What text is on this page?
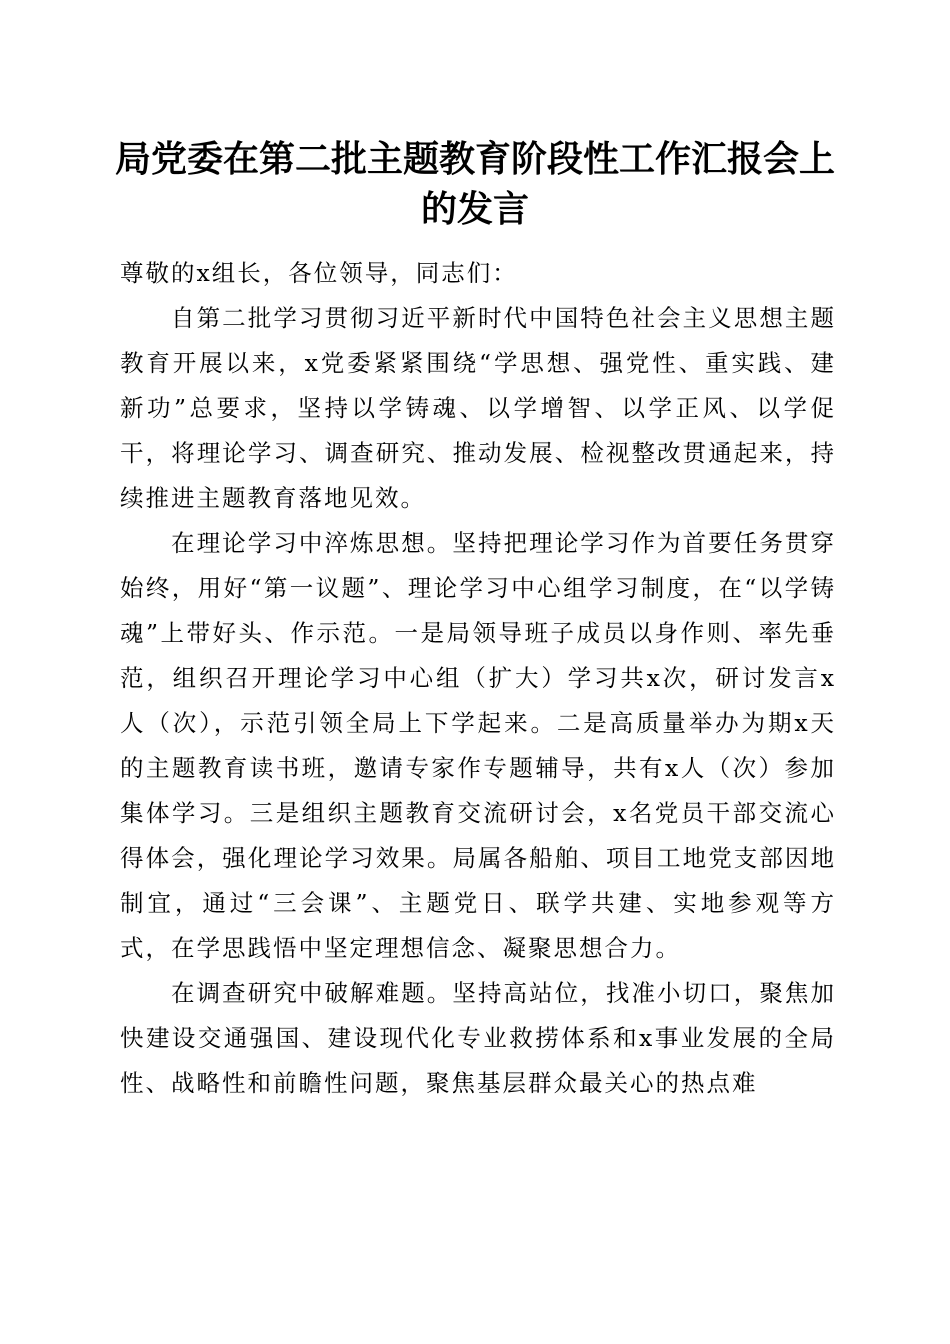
局党委在第二批主题教育阶段性工作汇报会上的发言

尊敬的x组长，各位领导，同志们：

自第二批学习贯彻习近平新时代中国特色社会主义思想主题教育开展以来，x党委紧紧围绕“学思想、强党性、重实践、建新功”总要求，坚持以学铸魂、以学增智、以学正风、以学促干，将理论学习、调查研究、推动发展、检视整改贯通起来，持续推进主题教育落地见效。

在理论学习中淬炼思想。坚持把理论学习作为首要任务贯穿始终，用好“第一议题”、理论学习中心组学习制度，在“以学铸魂”上带好头、作示范。一是局领导班子成员以身作则、率先垂范，组织召开理论学习中心组（扩大）学习共x次，研讨发言x人（次），示范引领全局上下学起来。二是高质量举办为期x天的主题教育读书班，邀请专家作专题辅导，共有x人（次）参加集体学习。三是组织主题教育交流研讨会，x名党员干部交流心得体会，强化理论学习效果。局属各船舶、项目工地党支部因地制宜，通过“三会课”、主题党日、联学共建、实地参观等方式，在学思践悟中坚定理想信念、凝聚思想合力。

在调查研究中破解难题。坚持高站位，找准小切口，聚焦加快建设交通强国、建设现代化专业救捞体系和x事业发展的全局性、战略性和前瞻性问题，聚焦基层群众最关心的热点难
